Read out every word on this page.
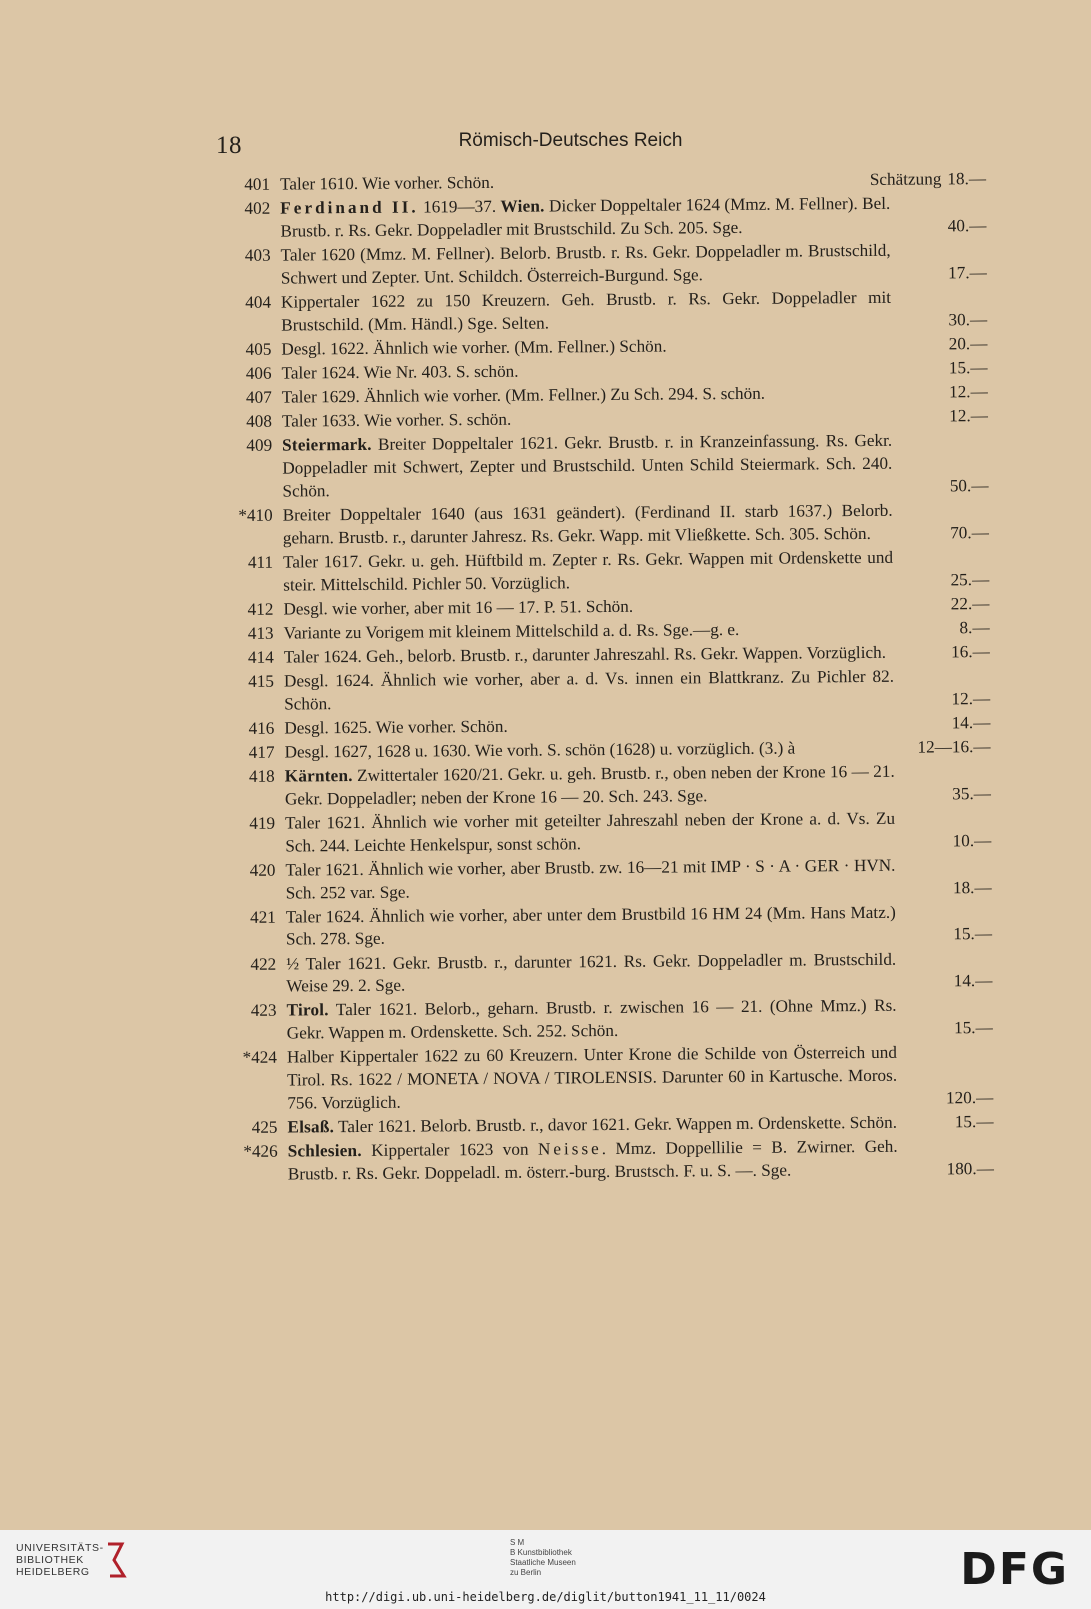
18	Römisch-Deutsches Reich
401 Taler 1610. Wie vorher. Schön.	Schätzung 18.—
402 Ferdinand II. 1619—37. Wien. Dicker Doppeltaler 1624 (Mmz. M. Fellner). Bel. Brustb. r. Rs. Gekr. Doppeladler mit Brustschild. Zu Sch. 205. Sge.	40.—
403 Taler 1620 (Mmz. M. Fellner). Belorb. Brustb. r. Rs. Gekr. Doppeladler m. Brustschild, Schwert und Zepter. Unt. Schildch. Österreich-Burgund. Sge.	17.—
404 Kippertaler 1622 zu 150 Kreuzern. Geh. Brustb. r. Rs. Gekr. Doppeladler mit Brustschild. (Mm. Händl.) Sge. Selten.	30.—
405 Desgl. 1622. Ähnlich wie vorher. (Mm. Fellner.) Schön.	20.—
406 Taler 1624. Wie Nr. 403. S. schön.	15.—
407 Taler 1629. Ähnlich wie vorher. (Mm. Fellner.) Zu Sch. 294. S. schön.	12.—
408 Taler 1633. Wie vorher. S. schön.	12.—
409 Steiermark. Breiter Doppeltaler 1621. Gekr. Brustb. r. in Kranzeinfassung. Rs. Gekr. Doppeladler mit Schwert, Zepter und Brustschild. Unten Schild Steiermark. Sch. 240. Schön.	50.—
*410 Breiter Doppeltaler 1640 (aus 1631 geändert). (Ferdinand II. starb 1637.) Belorb. geharn. Brustb. r., darunter Jahresz. Rs. Gekr. Wapp. mit Vließkette. Sch. 305. Schön.	70.—
411 Taler 1617. Gekr. u. geh. Hüftbild m. Zepter r. Rs. Gekr. Wappen mit Ordenskette und steir. Mittelschild. Pichler 50. Vorzüglich.	25.—
412 Desgl. wie vorher, aber mit 16 — 17. P. 51. Schön.	22.—
413 Variante zu Vorigem mit kleinem Mittelschild a. d. Rs. Sge.—g. e.	8.—
414 Taler 1624. Geh., belorb. Brustb. r., darunter Jahreszahl. Rs. Gekr. Wappen. Vorzüglich.	16.—
415 Desgl. 1624. Ähnlich wie vorher, aber a. d. Vs. innen ein Blattkranz. Zu Pichler 82. Schön.	12.—
416 Desgl. 1625. Wie vorher. Schön.	14.—
417 Desgl. 1627, 1628 u. 1630. Wie vorh. S. schön (1628) u. vorzüglich. (3.) à	12—16.—
418 Kärnten. Zwittertaler 1620/21. Gekr. u. geh. Brustb. r., oben neben der Krone 16 — 21. Gekr. Doppeladler; neben der Krone 16 — 20. Sch. 243. Sge.	35.—
419 Taler 1621. Ähnlich wie vorher mit geteilter Jahreszahl neben der Krone a. d. Vs. Zu Sch. 244. Leichte Henkelspur, sonst schön.	10.—
420 Taler 1621. Ähnlich wie vorher, aber Brustb. zw. 16—21 mit IMP · S · A · GER · HVN. Sch. 252 var. Sge.	18.—
421 Taler 1624. Ähnlich wie vorher, aber unter dem Brustbild 16 HM 24 (Mm. Hans Matz.) Sch. 278. Sge.	15.—
422 ½ Taler 1621. Gekr. Brustb. r., darunter 1621. Rs. Gekr. Doppeladler m. Brustschild. Weise 29. 2. Sge.	14.—
423 Tirol. Taler 1621. Belorb., geharn. Brustb. r. zwischen 16 — 21. (Ohne Mmz.) Rs. Gekr. Wappen m. Ordenskette. Sch. 252. Schön.	15.—
*424 Halber Kippertaler 1622 zu 60 Kreuzern. Unter Krone die Schilde von Österreich und Tirol. Rs. 1622 / MONETA / NOVA / TIROLENSIS. Darunter 60 in Kartusche. Moros. 756. Vorzüglich.	120.—
425 Elsaß. Taler 1621. Belorb. Brustb. r., davor 1621. Gekr. Wappen m. Ordenskette. Schön.	15.—
*426 Schlesien. Kippertaler 1623 von Neisse. Mmz. Doppellilie = B. Zwirner. Geh. Brustb. r. Rs. Gekr. Doppeladl. m. österr.-burg. Brustsch. F. u. S. —. Sge.	180.—
UNIVERSITÄTS-
BIBLIOTHEK
HEIDELBERG
S M
B Kunstbibliothek
Staatliche Museen
zu Berlin	DFG
http://digi.ub.uni-heidelberg.de/diglit/button1941_11_11/0024
